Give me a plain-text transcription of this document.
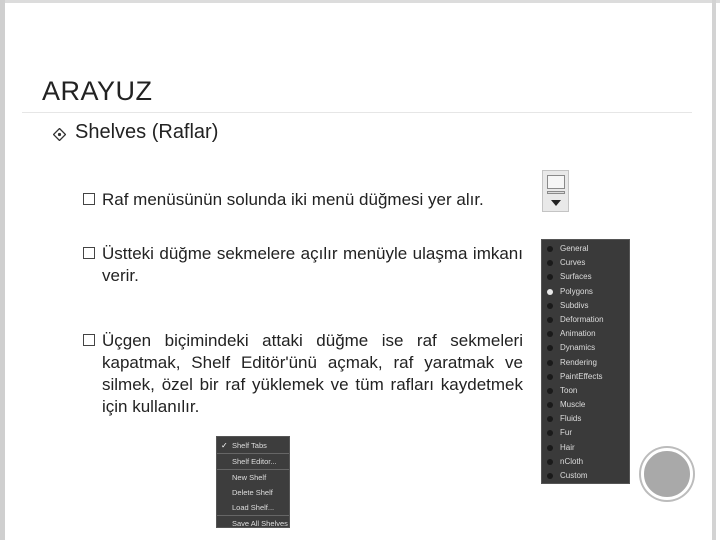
ARAYUZ
Shelves (Raflar)
Raf menüsünün solunda iki menü düğmesi yer alır.
Üstteki düğme sekmelere açılır menüyle ulaşma imkanı verir.
Üçgen biçimindeki attaki düğme ise raf sekmeleri kapatmak, Shelf Editör'ünü açmak, raf yaratmak ve silmek, özel bir raf yüklemek ve tüm rafları kaydetmek için kullanılır.
General
Curves
Surfaces
Polygons
Subdivs
Deformation
Animation
Dynamics
Rendering
PaintEffects
Toon
Muscle
Fluids
Fur
Hair
nCloth
Custom
✓ Shelf Tabs
Shelf Editor...
New Shelf
Delete Shelf
Load Shelf...
Save All Shelves
